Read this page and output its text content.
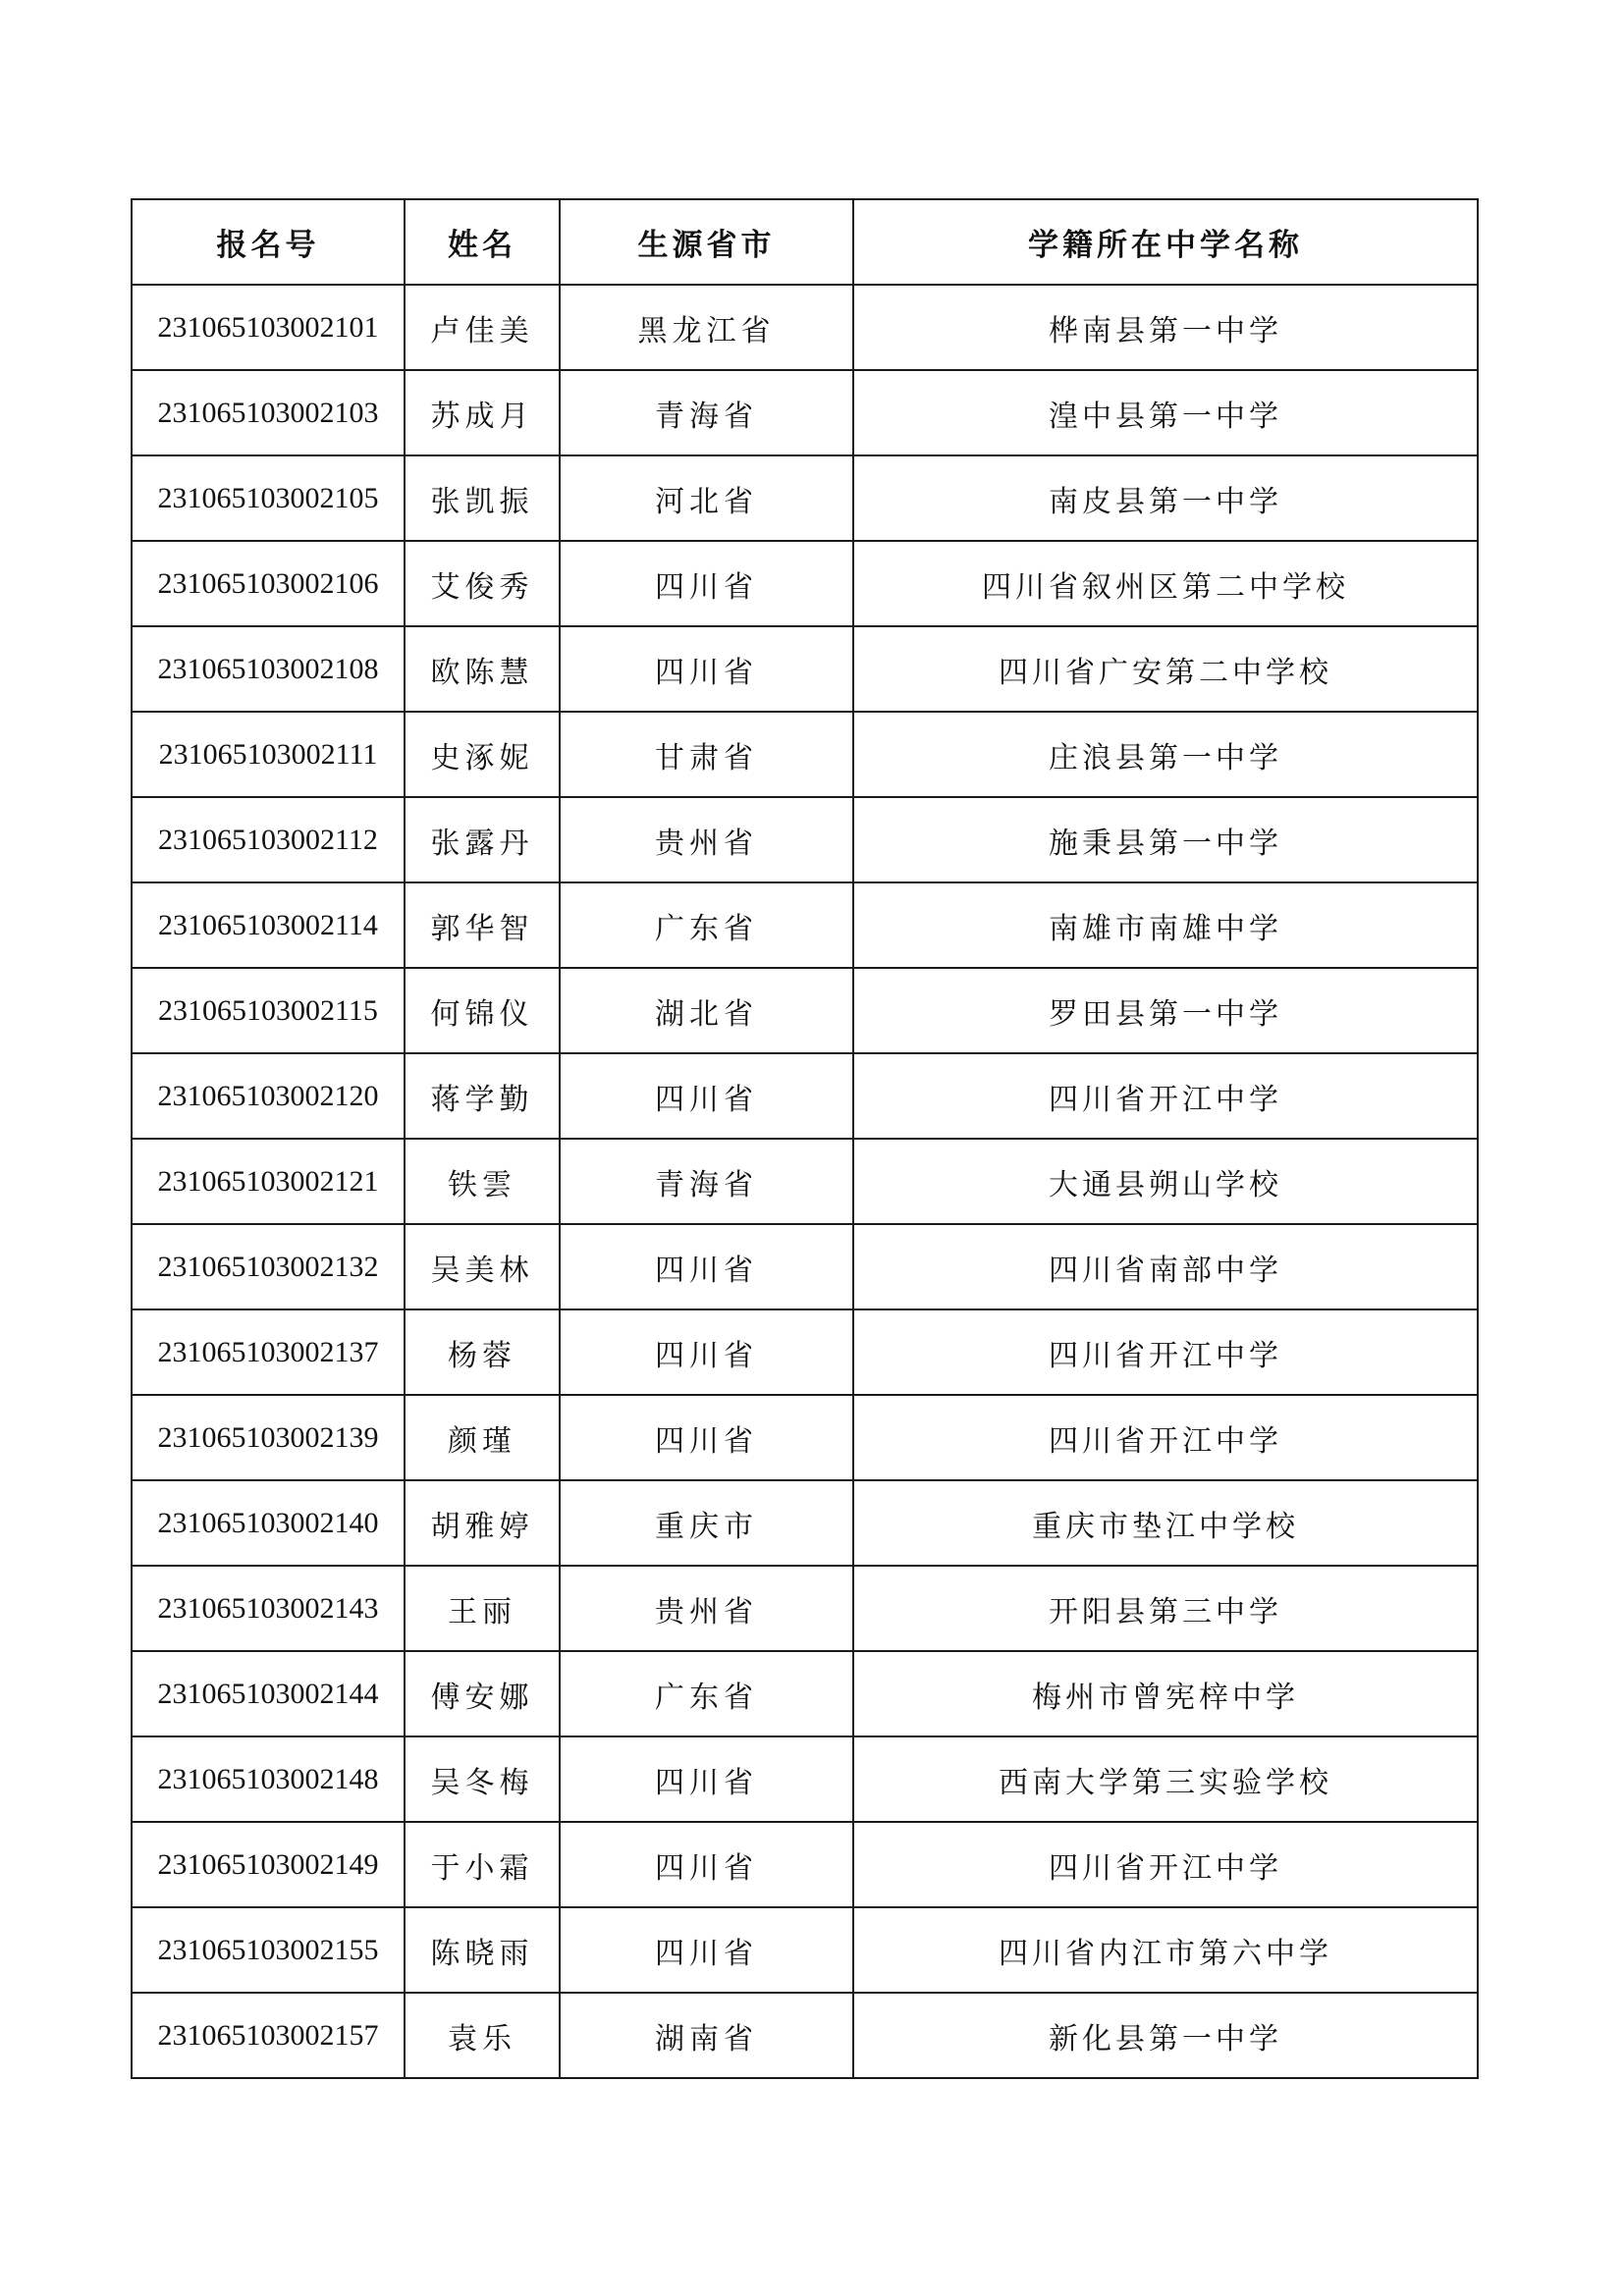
报名号	姓名	生源省市	学籍所在中学名称
231065103002101	卢佳美	黑龙江省	桦南县第一中学
231065103002103	苏成月	青海省	湟中县第一中学
231065103002105	张凯振	河北省	南皮县第一中学
231065103002106	艾俊秀	四川省	四川省叙州区第二中学校
231065103002108	欧陈慧	四川省	四川省广安第二中学校
231065103002111	史涿妮	甘肃省	庄浪县第一中学
231065103002112	张露丹	贵州省	施秉县第一中学
231065103002114	郭华智	广东省	南雄市南雄中学
231065103002115	何锦仪	湖北省	罗田县第一中学
231065103002120	蒋学勤	四川省	四川省开江中学
231065103002121	铁雲	青海省	大通县朔山学校
231065103002132	吴美林	四川省	四川省南部中学
231065103002137	杨蓉	四川省	四川省开江中学
231065103002139	颜瑾	四川省	四川省开江中学
231065103002140	胡雅婷	重庆市	重庆市垫江中学校
231065103002143	王丽	贵州省	开阳县第三中学
231065103002144	傅安娜	广东省	梅州市曾宪梓中学
231065103002148	吴冬梅	四川省	西南大学第三实验学校
231065103002149	于小霜	四川省	四川省开江中学
231065103002155	陈晓雨	四川省	四川省内江市第六中学
231065103002157	袁乐	湖南省	新化县第一中学
